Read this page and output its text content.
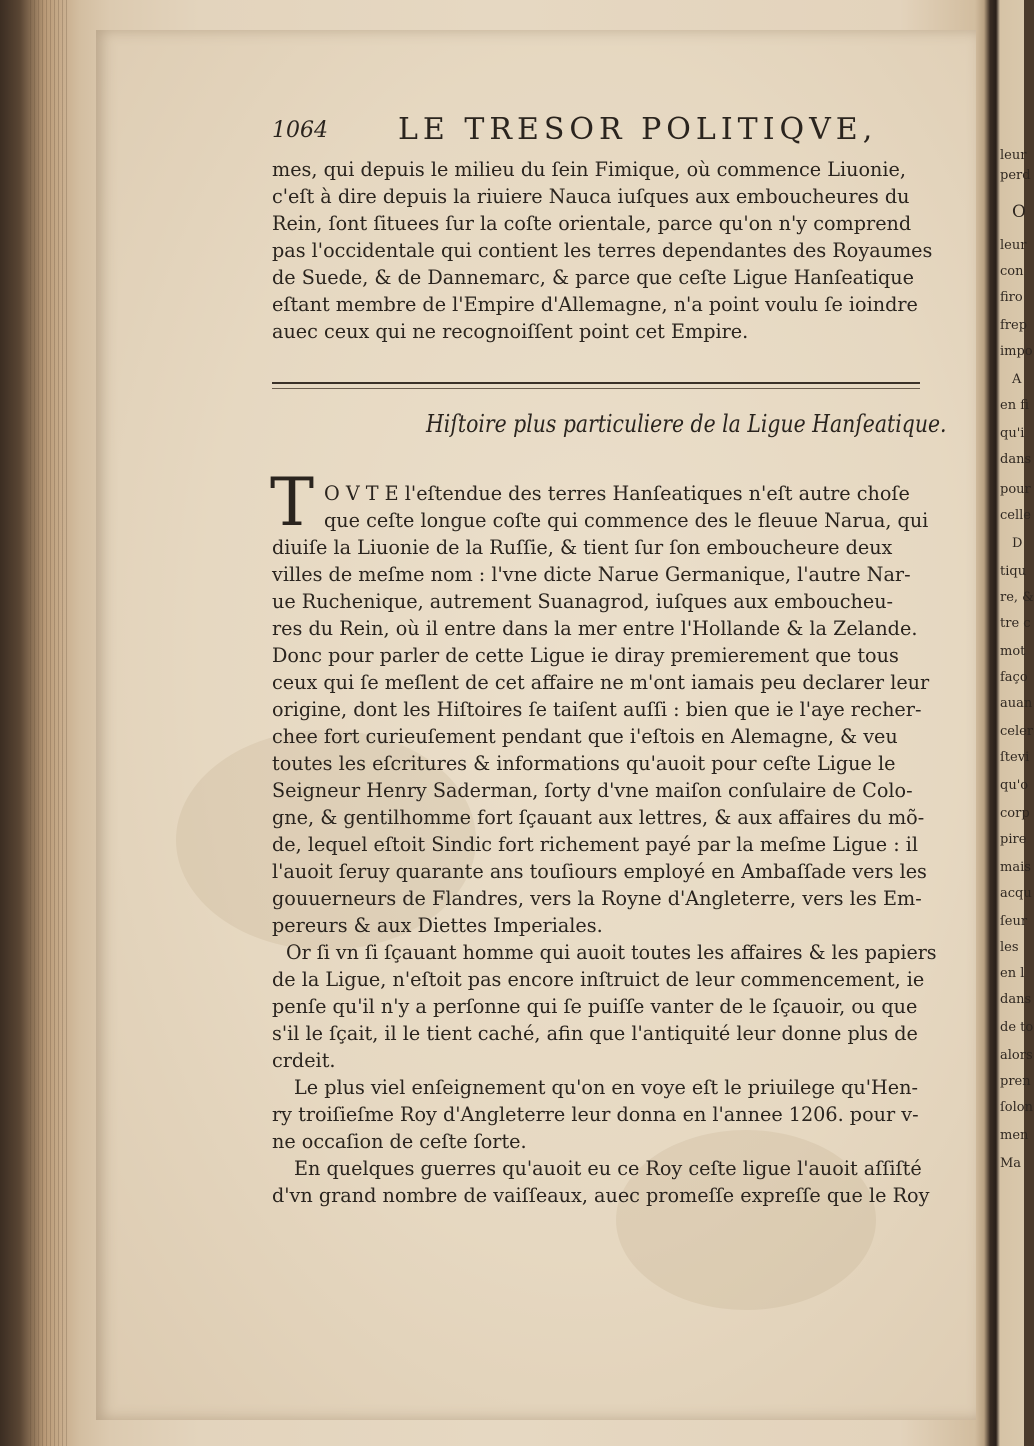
1064 LE TRESOR POLITIQVE,
mes, qui depuis le milieu du ſein Fimique, où commence Liuonie,
c'eſt à dire depuis la riuiere Nauca iuſques aux emboucheures du
Rein, ſont ſituees ſur la coſte orientale, parce qu'on n'y comprend
pas l'occidentale qui contient les terres dependantes des Royaumes
de Suede, & de Dannemarc, & parce que ceſte Ligue Hanſeatique
eſtant membre de l'Empire d'Allemagne, n'a point voulu ſe ioindre
auec ceux qui ne recognoiſſent point cet Empire.
Hiſtoire plus particuliere de la Ligue Hanſeatique.
T O V T E l'eſtendue des terres Hanſeatiques n'eſt autre choſe
que ceſte longue coſte qui commence des le fleuue Narua, qui
diuiſe la Liuonie de la Ruſſie, & tient ſur ſon emboucheure deux
villes de meſme nom : l'vne dicte Narue Germanique, l'autre Nar-
ue Ruchenique, autrement Suanagrod, iuſques aux emboucheu-
res du Rein, où il entre dans la mer entre l'Hollande & la Zelande.
Donc pour parler de cette Ligue ie diray premierement que tous
ceux qui ſe meſlent de cet affaire ne m'ont iamais peu declarer leur
origine, dont les Hiſtoires ſe taiſent auſſi : bien que ie l'aye recher-
chee fort curieuſement pendant que i'eſtois en Alemagne, & veu
toutes les eſcritures & informations qu'auoit pour ceſte Ligue le
Seigneur Henry Saderman, ſorty d'vne maiſon conſulaire de Colo-
gne, & gentilhomme fort ſçauant aux lettres, & aux affaires du mõ-
de, lequel eſtoit Sindic fort richement payé par la meſme Ligue : il
l'auoit ſeruy quarante ans touſiours employé en Ambaſſade vers les
gouuerneurs de Flandres, vers la Royne d'Angleterre, vers les Em-
pereurs & aux Diettes Imperiales.
Or ſi vn ſi ſçauant homme qui auoit toutes les affaires & les papiers
de la Ligue, n'eſtoit pas encore inſtruict de leur commencement, ie
penſe qu'il n'y a perſonne qui ſe puiſſe vanter de le ſçauoir, ou que
s'il le ſçait, il le tient caché, afin que l'antiquité leur donne plus de
crdeit.
Le plus viel enſeignement qu'on en voye eſt le priuilege qu'Hen-
ry troiſieſme Roy d'Angleterre leur donna en l'annee 1206. pour v-
ne occaſion de ceſte ſorte.
En quelques guerres qu'auoit eu ce Roy ceſte ligue l'auoit aſſiſté
d'vn grand nombre de vaiſſeaux, auec promeſſe expreſſe que le Roy
leur
perd
O
leur
con
firo
frep
impo
A
en fi
qu'i
dans
pour
celle
D
tiqu
re, &
tre c
mot
faço
auan
celer
ſtevi
qu'o
corp
pire
mais
acqu
ſeur
les
en l
dans
de to
alors
pren
ſolon
men
Ma
